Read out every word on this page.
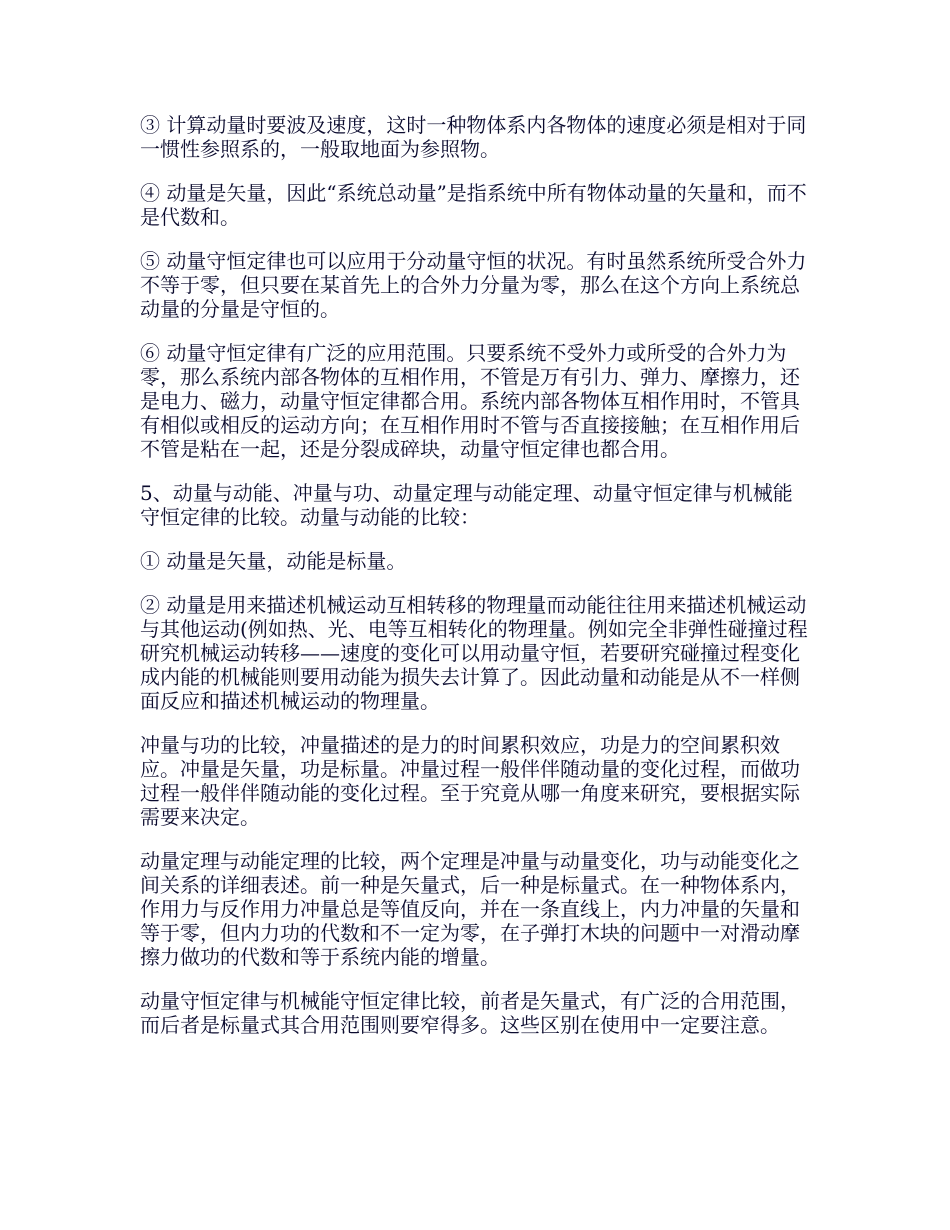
③ 计算动量时要波及速度，这时一种物体系内各物体的速度必须是相对于同一惯性参照系的，一般取地面为参照物。

④ 动量是矢量，因此“系统总动量”是指系统中所有物体动量的矢量和，而不是代数和。

⑤ 动量守恒定律也可以应用于分动量守恒的状况。有时虽然系统所受合外力不等于零，但只要在某首先上的合外力分量为零，那么在这个方向上系统总动量的分量是守恒的。

⑥ 动量守恒定律有广泛的应用范围。只要系统不受外力或所受的合外力为零，那么系统内部各物体的互相作用，不管是万有引力、弹力、摩擦力，还是电力、磁力，动量守恒定律都合用。系统内部各物体互相作用时，不管具有相似或相反的运动方向；在互相作用时不管与否直接接触；在互相作用后不管是粘在一起，还是分裂成碎块，动量守恒定律也都合用。

5、动量与动能、冲量与功、动量定理与动能定理、动量守恒定律与机械能守恒定律的比较。动量与动能的比较：

① 动量是矢量，动能是标量。

② 动量是用来描述机械运动互相转移的物理量而动能往往用来描述机械运动与其他运动(例如热、光、电等互相转化的物理量。例如完全非弹性碰撞过程研究机械运动转移——速度的变化可以用动量守恒，若要研究碰撞过程变化成内能的机械能则要用动能为损失去计算了。因此动量和动能是从不一样侧面反应和描述机械运动的物理量。

冲量与功的比较，冲量描述的是力的时间累积效应，功是力的空间累积效应。冲量是矢量，功是标量。冲量过程一般伴伴随动量的变化过程，而做功过程一般伴伴随动能的变化过程。至于究竟从哪一角度来研究，要根据实际需要来决定。

动量定理与动能定理的比较，两个定理是冲量与动量变化，功与动能变化之间关系的详细表述。前一种是矢量式，后一种是标量式。在一种物体系内，作用力与反作用力冲量总是等值反向，并在一条直线上，内力冲量的矢量和等于零，但内力功的代数和不一定为零，在子弹打木块的问题中一对滑动摩擦力做功的代数和等于系统内能的增量。

动量守恒定律与机械能守恒定律比较，前者是矢量式，有广泛的合用范围，而后者是标量式其合用范围则要窄得多。这些区别在使用中一定要注意。
